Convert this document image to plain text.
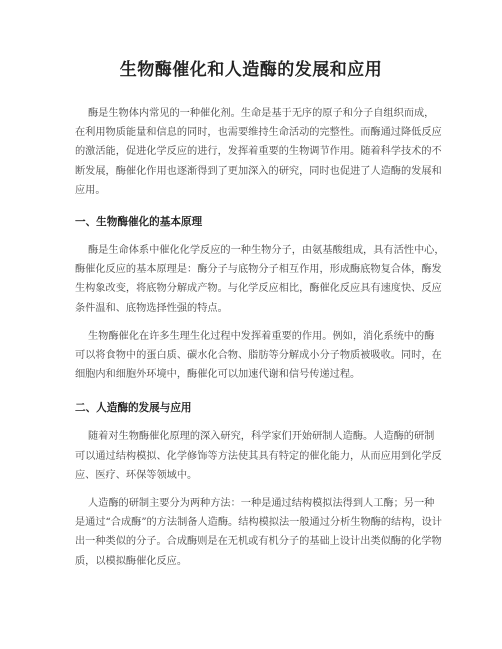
生物酶催化和人造酶的发展和应用

酶是生物体内常见的一种催化剂。生命是基于无序的原子和分子自组织而成，
在利用物质能量和信息的同时，也需要维持生命活动的完整性。而酶通过降低反应
的激活能，促进化学反应的进行，发挥着重要的生物调节作用。随着科学技术的不
断发展，酶催化作用也逐渐得到了更加深入的研究，同时也促进了人造酶的发展和
应用。

一、生物酶催化的基本原理

酶是生命体系中催化化学反应的一种生物分子，由氨基酸组成，具有活性中心，
酶催化反应的基本原理是：酶分子与底物分子相互作用，形成酶底物复合体，酶发
生构象改变，将底物分解成产物。与化学反应相比，酶催化反应具有速度快、反应
条件温和、底物选择性强的特点。

生物酶催化在许多生理生化过程中发挥着重要的作用。例如，消化系统中的酶
可以将食物中的蛋白质、碳水化合物、脂肪等分解成小分子物质被吸收。同时，在
细胞内和细胞外环境中，酶催化可以加速代谢和信号传递过程。

二、人造酶的发展与应用

随着对生物酶催化原理的深入研究，科学家们开始研制人造酶。人造酶的研制
可以通过结构模拟、化学修饰等方法使其具有特定的催化能力，从而应用到化学反
应、医疗、环保等领域中。

人造酶的研制主要分为两种方法：一种是通过结构模拟法得到人工酶；另一种
是通过“合成酶”的方法制备人造酶。结构模拟法一般通过分析生物酶的结构，设计
出一种类似的分子。合成酶则是在无机或有机分子的基础上设计出类似酶的化学物
质，以模拟酶催化反应。
